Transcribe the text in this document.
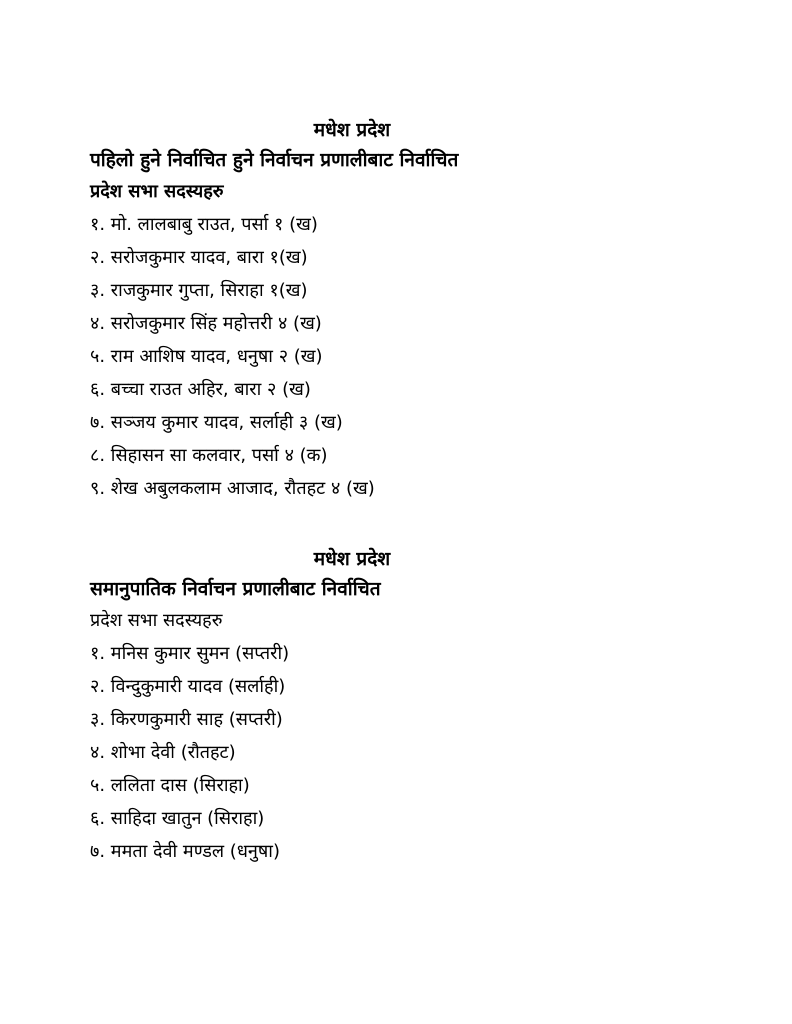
मधेश प्रदेश
पहिलो हुने निर्वाचित हुने निर्वाचन प्रणालीबाट निर्वाचित
प्रदेश सभा सदस्यहरु
१. मो. लालबाबु राउत, पर्सा १ (ख)
२. सरोजकुमार यादव, बारा १(ख)
३. राजकुमार गुप्ता, सिराहा १(ख)
४. सरोजकुमार सिंह महोत्तरी ४ (ख)
५. राम आशिष यादव, धनुषा २ (ख)
६. बच्चा राउत अहिर, बारा २ (ख)
७. सञ्जय कुमार यादव, सर्लाही ३ (ख)
८. सिहासन सा कलवार, पर्सा ४ (क)
९. शेख अबुलकलाम आजाद, रौतहट ४ (ख)
मधेश प्रदेश
समानुपातिक निर्वाचन प्रणालीबाट निर्वाचित
प्रदेश सभा सदस्यहरु
१. मनिस कुमार सुमन (सप्तरी)
२. विन्दुकुमारी यादव (सर्लाही)
३. किरणकुमारी साह (सप्तरी)
४. शोभा देवी (रौतहट)
५. ललिता दास (सिराहा)
६. साहिदा खातुन (सिराहा)
७. ममता देवी मण्डल (धनुषा)
